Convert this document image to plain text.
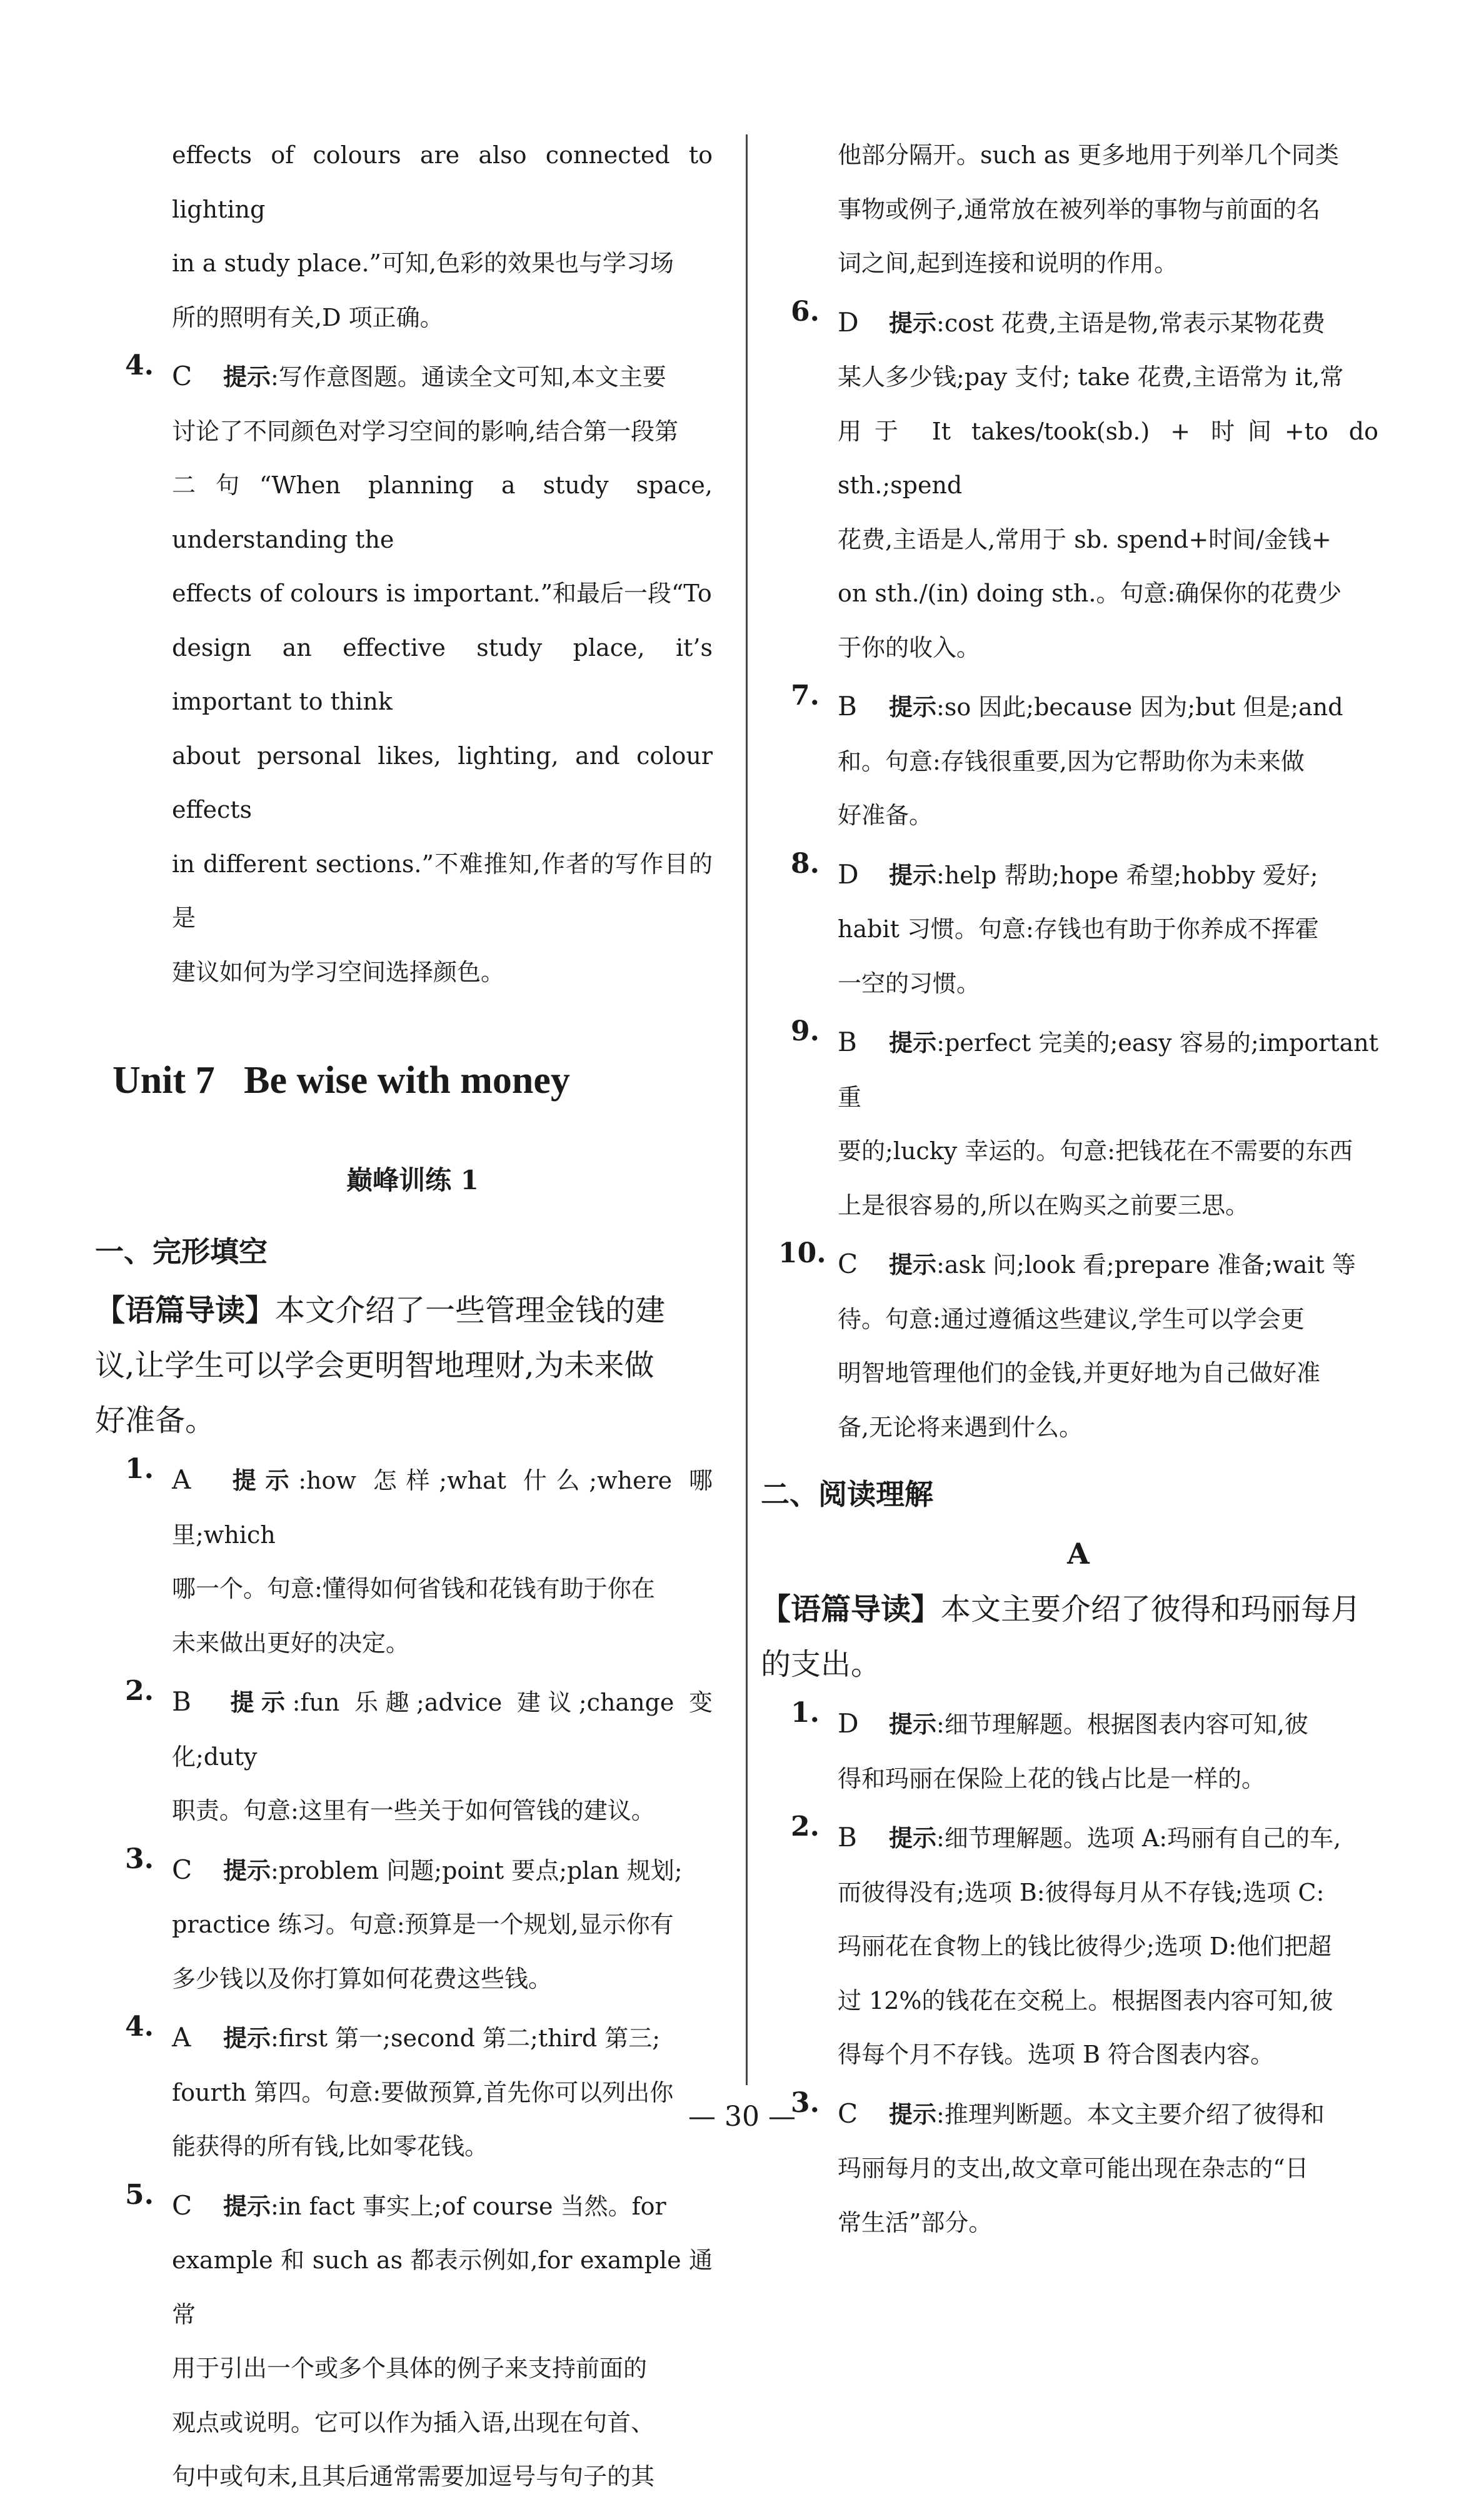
effects of colours are also connected to lighting

in a study place.”可知,色彩的效果也与学习场

所的照明有关,D 项正确。

4. C 提示:写作意图题。通读全文可知,本文主要

讨论了不同颜色对学习空间的影响,结合第一段第

二句“When planning a study space, understanding the

effects of colours is important.”和最后一段“To

design an effective study place, it’s important to think

about personal likes, lighting, and colour effects

in different sections.”不难推知,作者的写作目的是

建议如何为学习空间选择颜色。

Unit 7   Be wise with money
巅峰训练 1
一、完形填空

【语篇导读】本文介绍了一些管理金钱的建

议,让学生可以学会更明智地理财,为未来做

好准备。

1. A 提示:how 怎样;what 什么;where 哪里;which

哪一个。句意:懂得如何省钱和花钱有助于你在

未来做出更好的决定。

2. B 提示:fun 乐趣;advice 建议;change 变化;duty

职责。句意:这里有一些关于如何管钱的建议。

3. C 提示:problem 问题;point 要点;plan 规划;

practice 练习。句意:预算是一个规划,显示你有

多少钱以及你打算如何花费这些钱。

4. A 提示:first 第一;second 第二;third 第三;

fourth 第四。句意:要做预算,首先你可以列出你

能获得的所有钱,比如零花钱。

5. C 提示:in fact 事实上;of course 当然。for

example 和 such as 都表示例如,for example 通常

用于引出一个或多个具体的例子来支持前面的

观点或说明。它可以作为插入语,出现在句首、

句中或句末,且其后通常需要加逗号与句子的其

他部分隔开。such as 更多地用于列举几个同类

事物或例子,通常放在被列举的事物与前面的名

词之间,起到连接和说明的作用。

6. D 提示:cost 花费,主语是物,常表示某物花费

某人多少钱;pay 支付; take 花费,主语常为 it,常

用于 It takes/took(sb.) + 时间+to do sth.;spend

花费,主语是人,常用于 sb. spend+时间/金钱+

on sth./(in) doing sth.。句意:确保你的花费少

于你的收入。

7. B 提示:so 因此;because 因为;but 但是;and

和。句意:存钱很重要,因为它帮助你为未来做

好准备。

8. D 提示:help 帮助;hope 希望;hobby 爱好;

habit 习惯。句意:存钱也有助于你养成不挥霍

一空的习惯。

9. B 提示:perfect 完美的;easy 容易的;important 重

要的;lucky 幸运的。句意:把钱花在不需要的东西

上是很容易的,所以在购买之前要三思。

10. C 提示:ask 问;look 看;prepare 准备;wait 等

待。句意:通过遵循这些建议,学生可以学会更

明智地管理他们的金钱,并更好地为自己做好准

备,无论将来遇到什么。

二、阅读理解

A

【语篇导读】本文主要介绍了彼得和玛丽每月

的支出。

1. D 提示:细节理解题。根据图表内容可知,彼

得和玛丽在保险上花的钱占比是一样的。

2. B 提示:细节理解题。选项 A:玛丽有自己的车,

而彼得没有;选项 B:彼得每月从不存钱;选项 C:

玛丽花在食物上的钱比彼得少;选项 D:他们把超

过 12%的钱花在交税上。根据图表内容可知,彼

得每个月不存钱。选项 B 符合图表内容。

3. C 提示:推理判断题。本文主要介绍了彼得和

玛丽每月的支出,故文章可能出现在杂志的“日

常生活”部分。

— 30 —
